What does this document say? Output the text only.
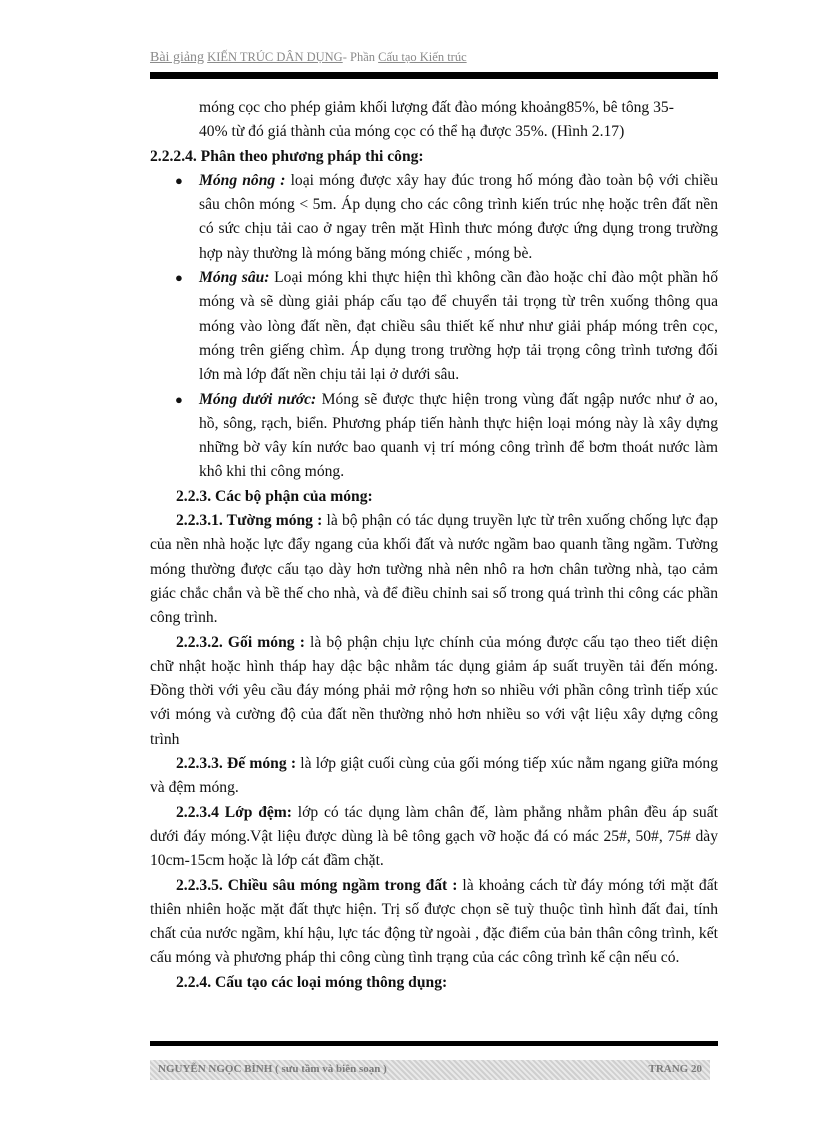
Bài giảng KIẾN TRÚC DÂN DỤNG- Phần Cấu tạo Kiến trúc

móng cọc cho phép giảm khối lượng đất đào móng khoảng85%, bê tông 35-

40% từ đó giá thành của móng cọc có thể hạ được 35%. (Hình 2.17)

2.2.2.4. Phân theo phương pháp thi công:

● Móng nông : loại móng được xây hay đúc trong hố móng đào toàn bộ với chiều sâu chôn móng < 5m. Áp dụng cho các công trình kiến trúc nhẹ hoặc trên đất nền có sức chịu tải cao ở ngay trên mặt Hình thưc móng được ứng dụng trong trường hợp này thường là móng băng móng chiếc , móng bè.

● Móng sâu: Loại móng khi thực hiện thì không cần đào hoặc chỉ đào một phần hố móng và sẽ dùng giải pháp cấu tạo để chuyển tải trọng từ trên xuống thông qua móng vào lòng đất nền, đạt chiều sâu thiết kế như như giải pháp móng trên cọc, móng trên giếng chìm. Áp dụng trong trường hợp tải trọng công trình tương đối lớn mà lớp đất nền chịu tải lại ở dưới sâu.

● Móng dưới nước: Móng sẽ được thực hiện trong vùng đất ngập nước như ở ao, hồ, sông, rạch, biển. Phương pháp tiến hành thực hiện loại móng này là xây dựng những bờ vây kín nước bao quanh vị trí móng công trình để bơm thoát nước làm khô khi thi công móng.

2.2.3. Các bộ phận của móng:

2.2.3.1. Tường móng : là bộ phận có tác dụng truyền lực từ trên xuống chống lực đạp của nền nhà hoặc lực đẩy ngang của khối đất và nước ngầm bao quanh tầng ngầm. Tường móng thường được cấu tạo dày hơn tường nhà nên nhô ra hơn chân tường nhà, tạo cảm giác chắc chắn và bề thế cho nhà, và để điều chỉnh sai số trong quá trình thi công các phần công trình.

2.2.3.2. Gối móng : là bộ phận chịu lực chính của móng được cấu tạo theo tiết diện chữ nhật hoặc hình tháp hay dậc bậc nhằm tác dụng giảm áp suất truyền tải đến móng. Đồng thời với yêu cầu đáy móng phải mở rộng hơn so nhiều với phần công trình tiếp xúc với móng và cường độ của đất nền thường nhỏ hơn nhiều so với vật liệu xây dựng công trình

2.2.3.3. Đế móng : là lớp giật cuối cùng của gối móng tiếp xúc nằm ngang giữa móng và đệm móng.

2.2.3.4 Lớp đệm: lớp có tác dụng làm chân đế, làm phẳng nhằm phân đều áp suất dưới đáy móng.Vật liệu được dùng là bê tông gạch vỡ hoặc đá có mác 25#, 50#, 75# dày 10cm-15cm hoặc là lớp cát đầm chặt.

2.2.3.5. Chiều sâu móng ngầm trong đất : là khoảng cách từ đáy móng tới mặt đất thiên nhiên hoặc mặt đất thực hiện. Trị số được chọn sẽ tuỳ thuộc tình hình đất đai, tính chất của nước ngầm, khí hậu, lực tác động từ ngoài , đặc điểm của bản thân công trình, kết cấu móng và phương pháp thi công cùng tình trạng của các công trình kế cận nếu có.

2.2.4. Cấu tạo các loại móng thông dụng:

NGUYỄN NGỌC BÌNH ( sưu tầm và biên soạn )	TRANG 20
